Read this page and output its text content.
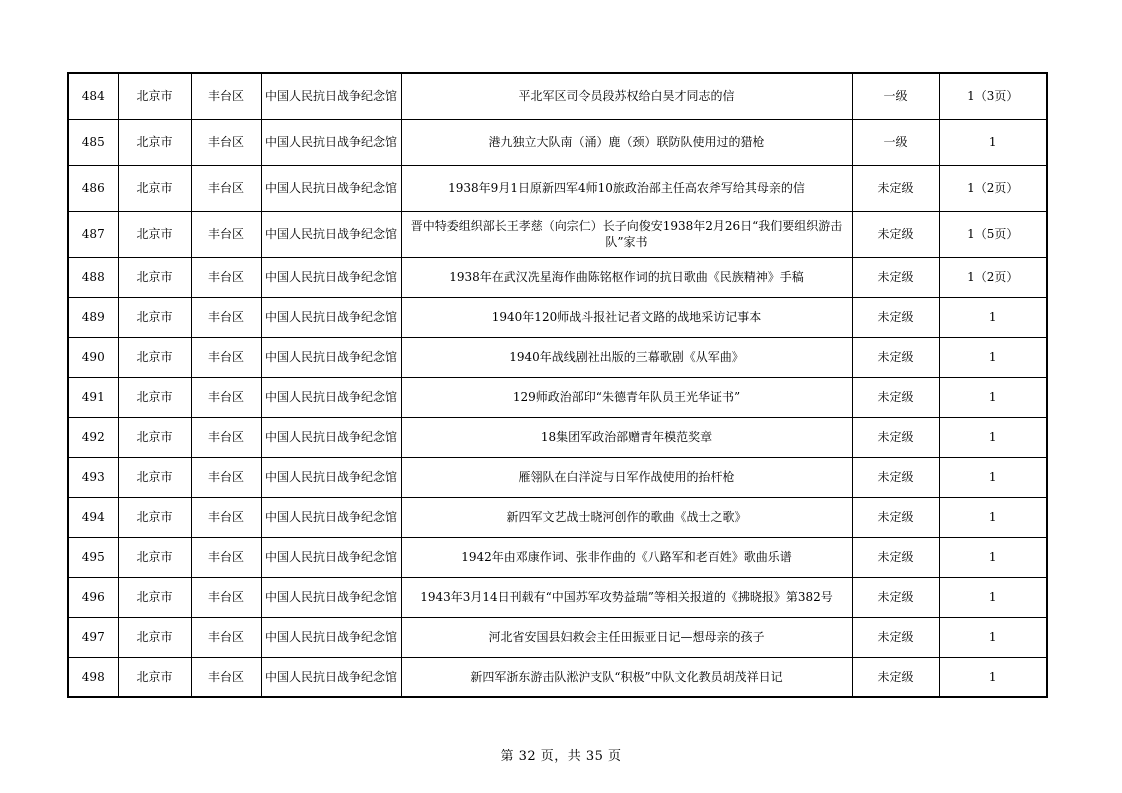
484	北京市	丰台区	中国人民抗日战争纪念馆	平北军区司令员段苏权给白昊才同志的信	一级	1（3页）
485	北京市	丰台区	中国人民抗日战争纪念馆	港九独立大队南（涌）鹿（颈）联防队使用过的猎枪	一级	1
486	北京市	丰台区	中国人民抗日战争纪念馆	1938年9月1日原新四军4师10旅政治部主任高农斧写给其母亲的信	未定级	1（2页）
487	北京市	丰台区	中国人民抗日战争纪念馆	晋中特委组织部长王孝慈（向宗仁）长子向俊安1938年2月26日“我们要组织游击队”家书	未定级	1（5页）
488	北京市	丰台区	中国人民抗日战争纪念馆	1938年在武汉冼星海作曲陈铭枢作词的抗日歌曲《民族精神》手稿	未定级	1（2页）
489	北京市	丰台区	中国人民抗日战争纪念馆	1940年120师战斗报社记者文路的战地采访记事本	未定级	1
490	北京市	丰台区	中国人民抗日战争纪念馆	1940年战线剧社出版的三幕歌剧《从军曲》	未定级	1
491	北京市	丰台区	中国人民抗日战争纪念馆	129师政治部印“朱德青年队员王光华证书”	未定级	1
492	北京市	丰台区	中国人民抗日战争纪念馆	18集团军政治部赠青年模范奖章	未定级	1
493	北京市	丰台区	中国人民抗日战争纪念馆	雁翎队在白洋淀与日军作战使用的抬杆枪	未定级	1
494	北京市	丰台区	中国人民抗日战争纪念馆	新四军文艺战士晓河创作的歌曲《战士之歌》	未定级	1
495	北京市	丰台区	中国人民抗日战争纪念馆	1942年由邓康作词、张非作曲的《八路军和老百姓》歌曲乐谱	未定级	1
496	北京市	丰台区	中国人民抗日战争纪念馆	1943年3月14日刊载有“中国苏军攻势益瑞”等相关报道的《拂晓报》第382号	未定级	1
497	北京市	丰台区	中国人民抗日战争纪念馆	河北省安国县妇救会主任田振亚日记—想母亲的孩子	未定级	1
498	北京市	丰台区	中国人民抗日战争纪念馆	新四军浙东游击队淞沪支队“积极”中队文化教员胡茂祥日记	未定级	1
第 32 页，共 35 页
